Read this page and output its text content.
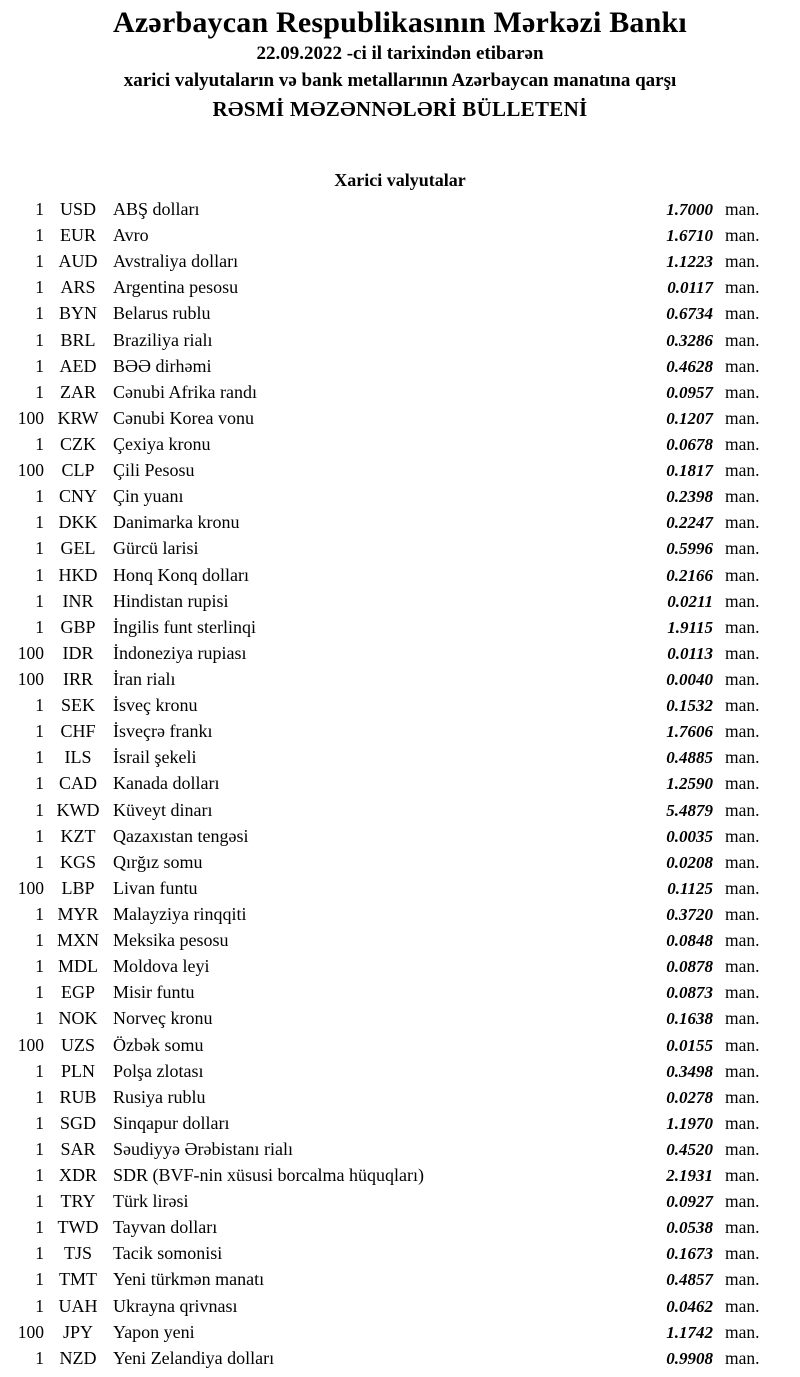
Azərbaycan Respublikasının Mərkəzi Bankı
22.09.2022 -ci il tarixindən etibarən
xarici valyutaların və bank metallarının Azərbaycan manatına qarşı
RƏSMİ MƏZƏNNƏLƏRİ BÜLLETENİ
Xarici valyutalar
1 USD ABŞ dolları	1.7000 man.
1 EUR Avro	1.6710 man.
1 AUD Avstraliya dolları	1.1223 man.
1 ARS Argentina pesosu	0.0117 man.
1 BYN Belarus rublu	0.6734 man.
1 BRL Braziliya rialı	0.3286 man.
1 AED BƏƏ dirhəmi	0.4628 man.
1 ZAR Cənubi Afrika randı	0.0957 man.
100 KRW Cənubi Korea vonu	0.1207 man.
1 CZK Çexiya kronu	0.0678 man.
100 CLP	Çili Pesosu	0.1817 man.
1 CNY Çin yuanı	0.2398 man.
1 DKK Danimarka kronu	0.2247 man.
1 GEL Gürcü larisi	0.5996 man.
1 HKD Honq Konq dolları	0.2166 man.
1	INR	Hindistan rupisi	0.0211 man.
1 GBP İngilis funt sterlinqi	1.9115 man.
100	IDR	İndoneziya rupiası	0.0113 man.
100	IRR	İran rialı	0.0040 man.
1 SEK	İsveç kronu	0.1532 man.
1 CHF İsveçrə frankı	1.7606 man.
1	ILS	İsrail şekeli	0.4885 man.
1 CAD Kanada dolları	1.2590 man.
1 KWD Küveyt dinarı	5.4879 man.
1 KZT Qazaxıstan tengəsi	0.0035 man.
1 KGS Qırğız somu	0.0208 man.
100 LBP	Livan funtu	0.1125 man.
1 MYR Malayziya rinqqiti	0.3720 man.
1 MXN Meksika pesosu	0.0848 man.
1 MDL Moldova leyi	0.0878 man.
1 EGP	Misir funtu	0.0873 man.
1 NOK Norveç kronu	0.1638 man.
100 UZS	Özbək somu	0.0155 man.
1 PLN	Polşa zlotası	0.3498 man.
1 RUB Rusiya rublu	0.0278 man.
1 SGD Sinqapur dolları	1.1970 man.
1 SAR Səudiyyə Ərəbistanı rialı	0.4520 man.
1 XDR SDR (BVF-nin xüsusi borcalma hüquqları)	2.1931 man.
1 TRY Türk lirəsi	0.0927 man.
1 TWD Tayvan dolları	0.0538 man.
1	TJS	Tacik somonisi	0.1673 man.
1 TMT Yeni türkmən manatı	0.4857 man.
1 UAH Ukrayna qrivnası	0.0462 man.
100	JPY	Yapon yeni	1.1742 man.
1 NZD Yeni Zelandiya dolları	0.9908 man.
